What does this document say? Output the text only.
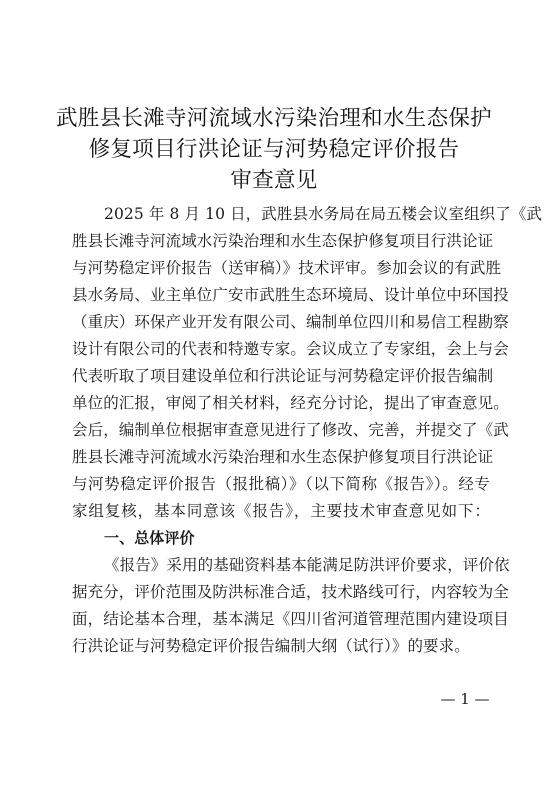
武胜县长滩寺河流域水污染治理和水生态保护
修复项目行洪论证与河势稳定评价报告
审查意见
2025 年 8 月 10 日，武胜县水务局在局五楼会议室组织了《武
胜县长滩寺河流域水污染治理和水生态保护修复项目行洪论证
与河势稳定评价报告（送审稿）》技术评审。参加会议的有武胜
县水务局、业主单位广安市武胜生态环境局、设计单位中环国投
（重庆）环保产业开发有限公司、编制单位四川和易信工程勘察
设计有限公司的代表和特邀专家。会议成立了专家组，会上与会
代表听取了项目建设单位和行洪论证与河势稳定评价报告编制
单位的汇报，审阅了相关材料，经充分讨论，提出了审查意见。
会后，编制单位根据审查意见进行了修改、完善，并提交了《武
胜县长滩寺河流域水污染治理和水生态保护修复项目行洪论证
与河势稳定评价报告（报批稿）》（以下简称《报告》）。经专
家组复核，基本同意该《报告》，主要技术审查意见如下：
一、总体评价
《报告》采用的基础资料基本能满足防洪评价要求，评价依
据充分，评价范围及防洪标准合适，技术路线可行，内容较为全
面，结论基本合理，基本满足《四川省河道管理范围内建设项目
行洪论证与河势稳定评价报告编制大纲（试行）》的要求。
— 1 —
